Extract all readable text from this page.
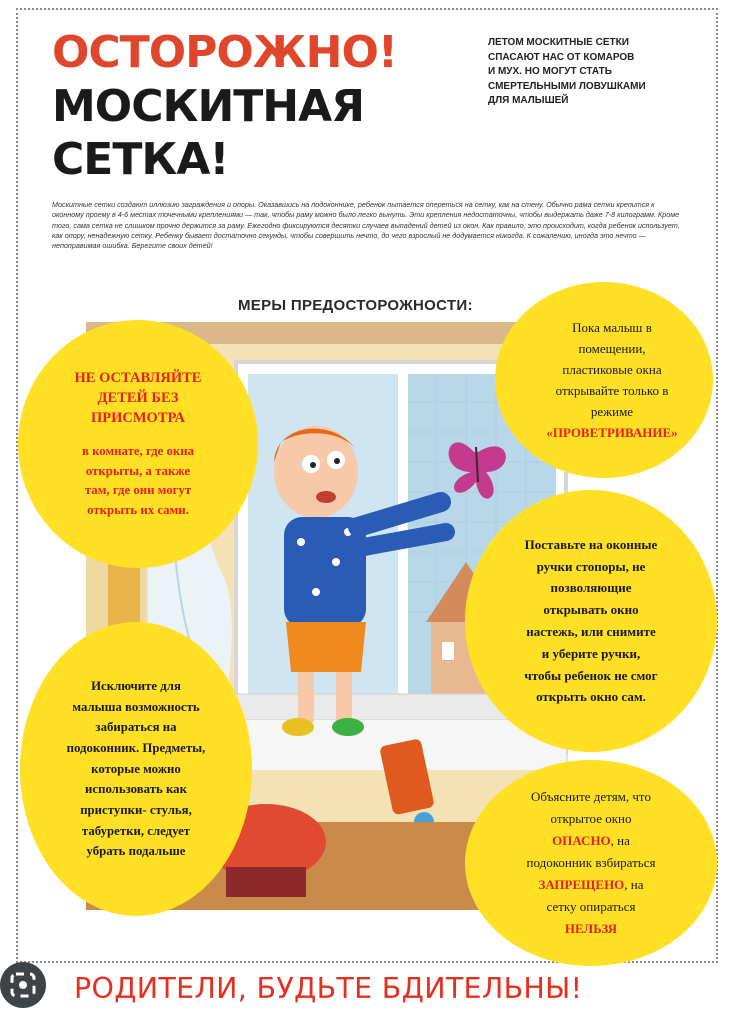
ОСТОРОЖНО!
МОСКИТНАЯ
СЕТКА!
ЛЕТОМ МОСКИТНЫЕ СЕТКИ
СПАСАЮТ НАС ОТ КОМАРОВ
И МУХ. НО МОГУТ СТАТЬ
СМЕРТЕЛЬНЫМИ ЛОВУШКАМИ
ДЛЯ МАЛЫШЕЙ
Москитные сетки создают иллюзию заграждения и опоры. Оказавшись на подоконнике, ребенок пытается опереться на сетку, как на стену. Обычно рама сетки крепится к оконному проему в 4-6 местах точечными креплениями — так, чтобы раму можно было легко вынуть. Эти крепления недостаточны, чтобы выдержать даже 7-8 килограмм. Кроме того, сама сетка не слишком прочно держится за раму. Ежегодно фиксируются десятки случаев выпадений детей из окон. Как правило, это происходит, когда ребенок использует, как опору, ненадежную сетку. Ребенку бывает достаточно секунды, чтобы совершить нечто, до чего взрослый не додумается никогда. К сожалению, иногда это нечто — непоправимая ошибка. Берегите своих детей!
МЕРЫ ПРЕДОСТОРОЖНОСТИ:
НЕ ОСТАВЛЯЙТЕ
ДЕТЕЙ БЕЗ
ПРИСМОТРА
в комнате, где окна
открыты, а также
там, где они могут
открыть их сами.
Пока малыш в
помещении,
пластиковые окна
открывайте только в
режиме
«ПРОВЕТРИВАНИЕ»
Исключите для
малыша возможность
забираться на
подоконник. Предметы,
которые можно
использовать как
приступки- стулья,
табуретки, следует
убрать подальше
Поставьте на оконные
ручки стопоры, не
позволяющие
открывать окно
настежь, или снимите
и уберите ручки,
чтобы ребенок не смог
открыть окно сам.

Объясните детям, что

открытое окно

ОПАСНО, на

подоконник взбираться

ЗАПРЕЩЕНО, на

сетку опираться

НЕЛЬЗЯ

РОДИТЕЛИ, БУДЬТЕ БДИТЕЛЬНЫ!
